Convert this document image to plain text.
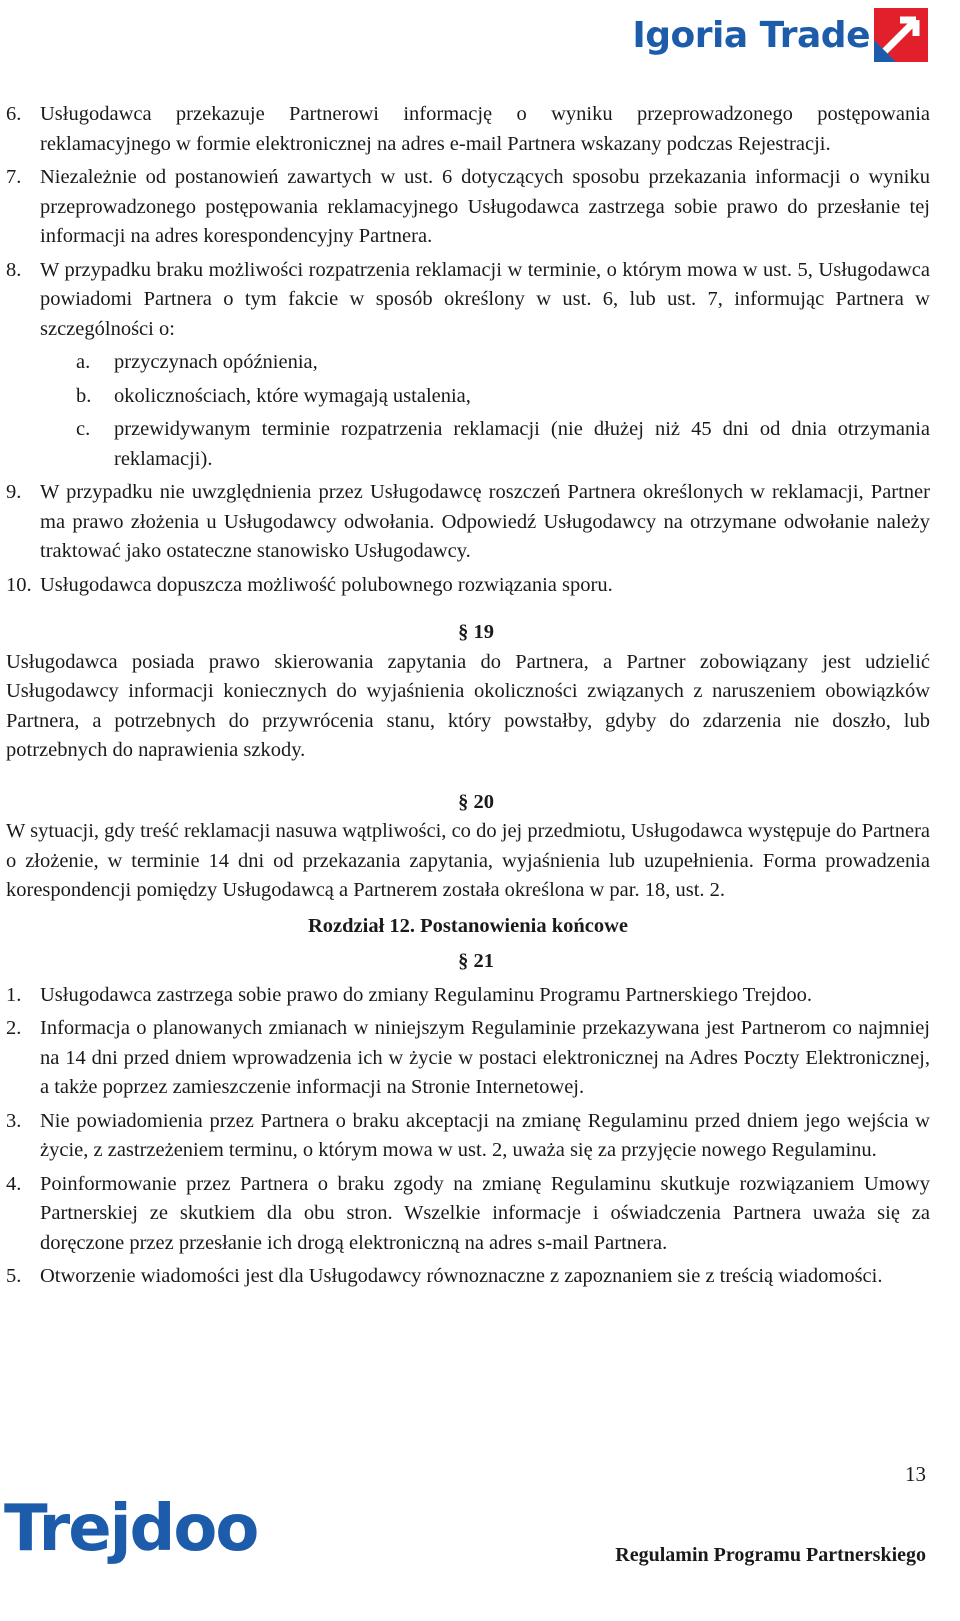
Igoria Trade
6. Usługodawca przekazuje Partnerowi informację o wyniku przeprowadzonego postępowania reklamacyjnego w formie elektronicznej na adres e-mail Partnera wskazany podczas Rejestracji.
7. Niezależnie od postanowień zawartych w ust. 6 dotyczących sposobu przekazania informacji o wyniku przeprowadzonego postępowania reklamacyjnego Usługodawca zastrzega sobie prawo do przesłanie tej informacji na adres korespondencyjny Partnera.
8. W przypadku braku możliwości rozpatrzenia reklamacji w terminie, o którym mowa w ust. 5, Usługodawca powiadomi Partnera o tym fakcie w sposób określony w ust. 6, lub ust. 7, informując Partnera w szczególności o:
a.	przyczynach opóźnienia,
b.	okolicznościach, które wymagają ustalenia,
c.	przewidywanym terminie rozpatrzenia reklamacji (nie dłużej niż 45 dni od dnia otrzymania reklamacji).
9. W przypadku nie uwzględnienia przez Usługodawcę roszczeń Partnera określonych w reklamacji, Partner ma prawo złożenia u Usługodawcy odwołania. Odpowiedź Usługodawcy na otrzymane odwołanie należy traktować jako ostateczne stanowisko Usługodawcy.
10. Usługodawca dopuszcza możliwość polubownego rozwiązania sporu.
§ 19
Usługodawca posiada prawo skierowania zapytania do Partnera, a Partner zobowiązany jest udzielić Usługodawcy informacji koniecznych do wyjaśnienia okoliczności związanych z naruszeniem obowiązków Partnera, a potrzebnych do przywrócenia stanu, który powstałby, gdyby do zdarzenia nie doszło, lub potrzebnych do naprawienia szkody.
§ 20
W sytuacji, gdy treść reklamacji nasuwa wątpliwości, co do jej przedmiotu, Usługodawca występuje do Partnera o złożenie, w terminie 14 dni od przekazania zapytania, wyjaśnienia lub uzupełnienia. Forma prowadzenia korespondencji pomiędzy Usługodawcą a Partnerem została określona w par. 18, ust. 2.
Rozdział 12. Postanowienia końcowe
§ 21
1. Usługodawca zastrzega sobie prawo do zmiany Regulaminu Programu Partnerskiego Trejdoo.
2. Informacja o planowanych zmianach w niniejszym Regulaminie przekazywana jest Partnerom co najmniej na 14 dni przed dniem wprowadzenia ich w życie w postaci elektronicznej na Adres Poczty Elektronicznej, a także poprzez zamieszczenie informacji na Stronie Internetowej.
3. Nie powiadomienia przez Partnera o braku akceptacji na zmianę Regulaminu przed dniem jego wejścia w życie, z zastrzeżeniem terminu, o którym mowa w ust. 2, uważa się za przyjęcie nowego Regulaminu.
4. Poinformowanie przez Partnera o braku zgody na zmianę Regulaminu skutkuje rozwiązaniem Umowy Partnerskiej ze skutkiem dla obu stron. Wszelkie informacje i oświadczenia Partnera uważa się za doręczone przez przesłanie ich drogą elektroniczną na adres s-mail Partnera.
5. Otworzenie wiadomości jest dla Usługodawcy równoznaczne z zapoznaniem sie z treścią wiadomości.
13
Trejdoo	Regulamin Programu Partnerskiego
